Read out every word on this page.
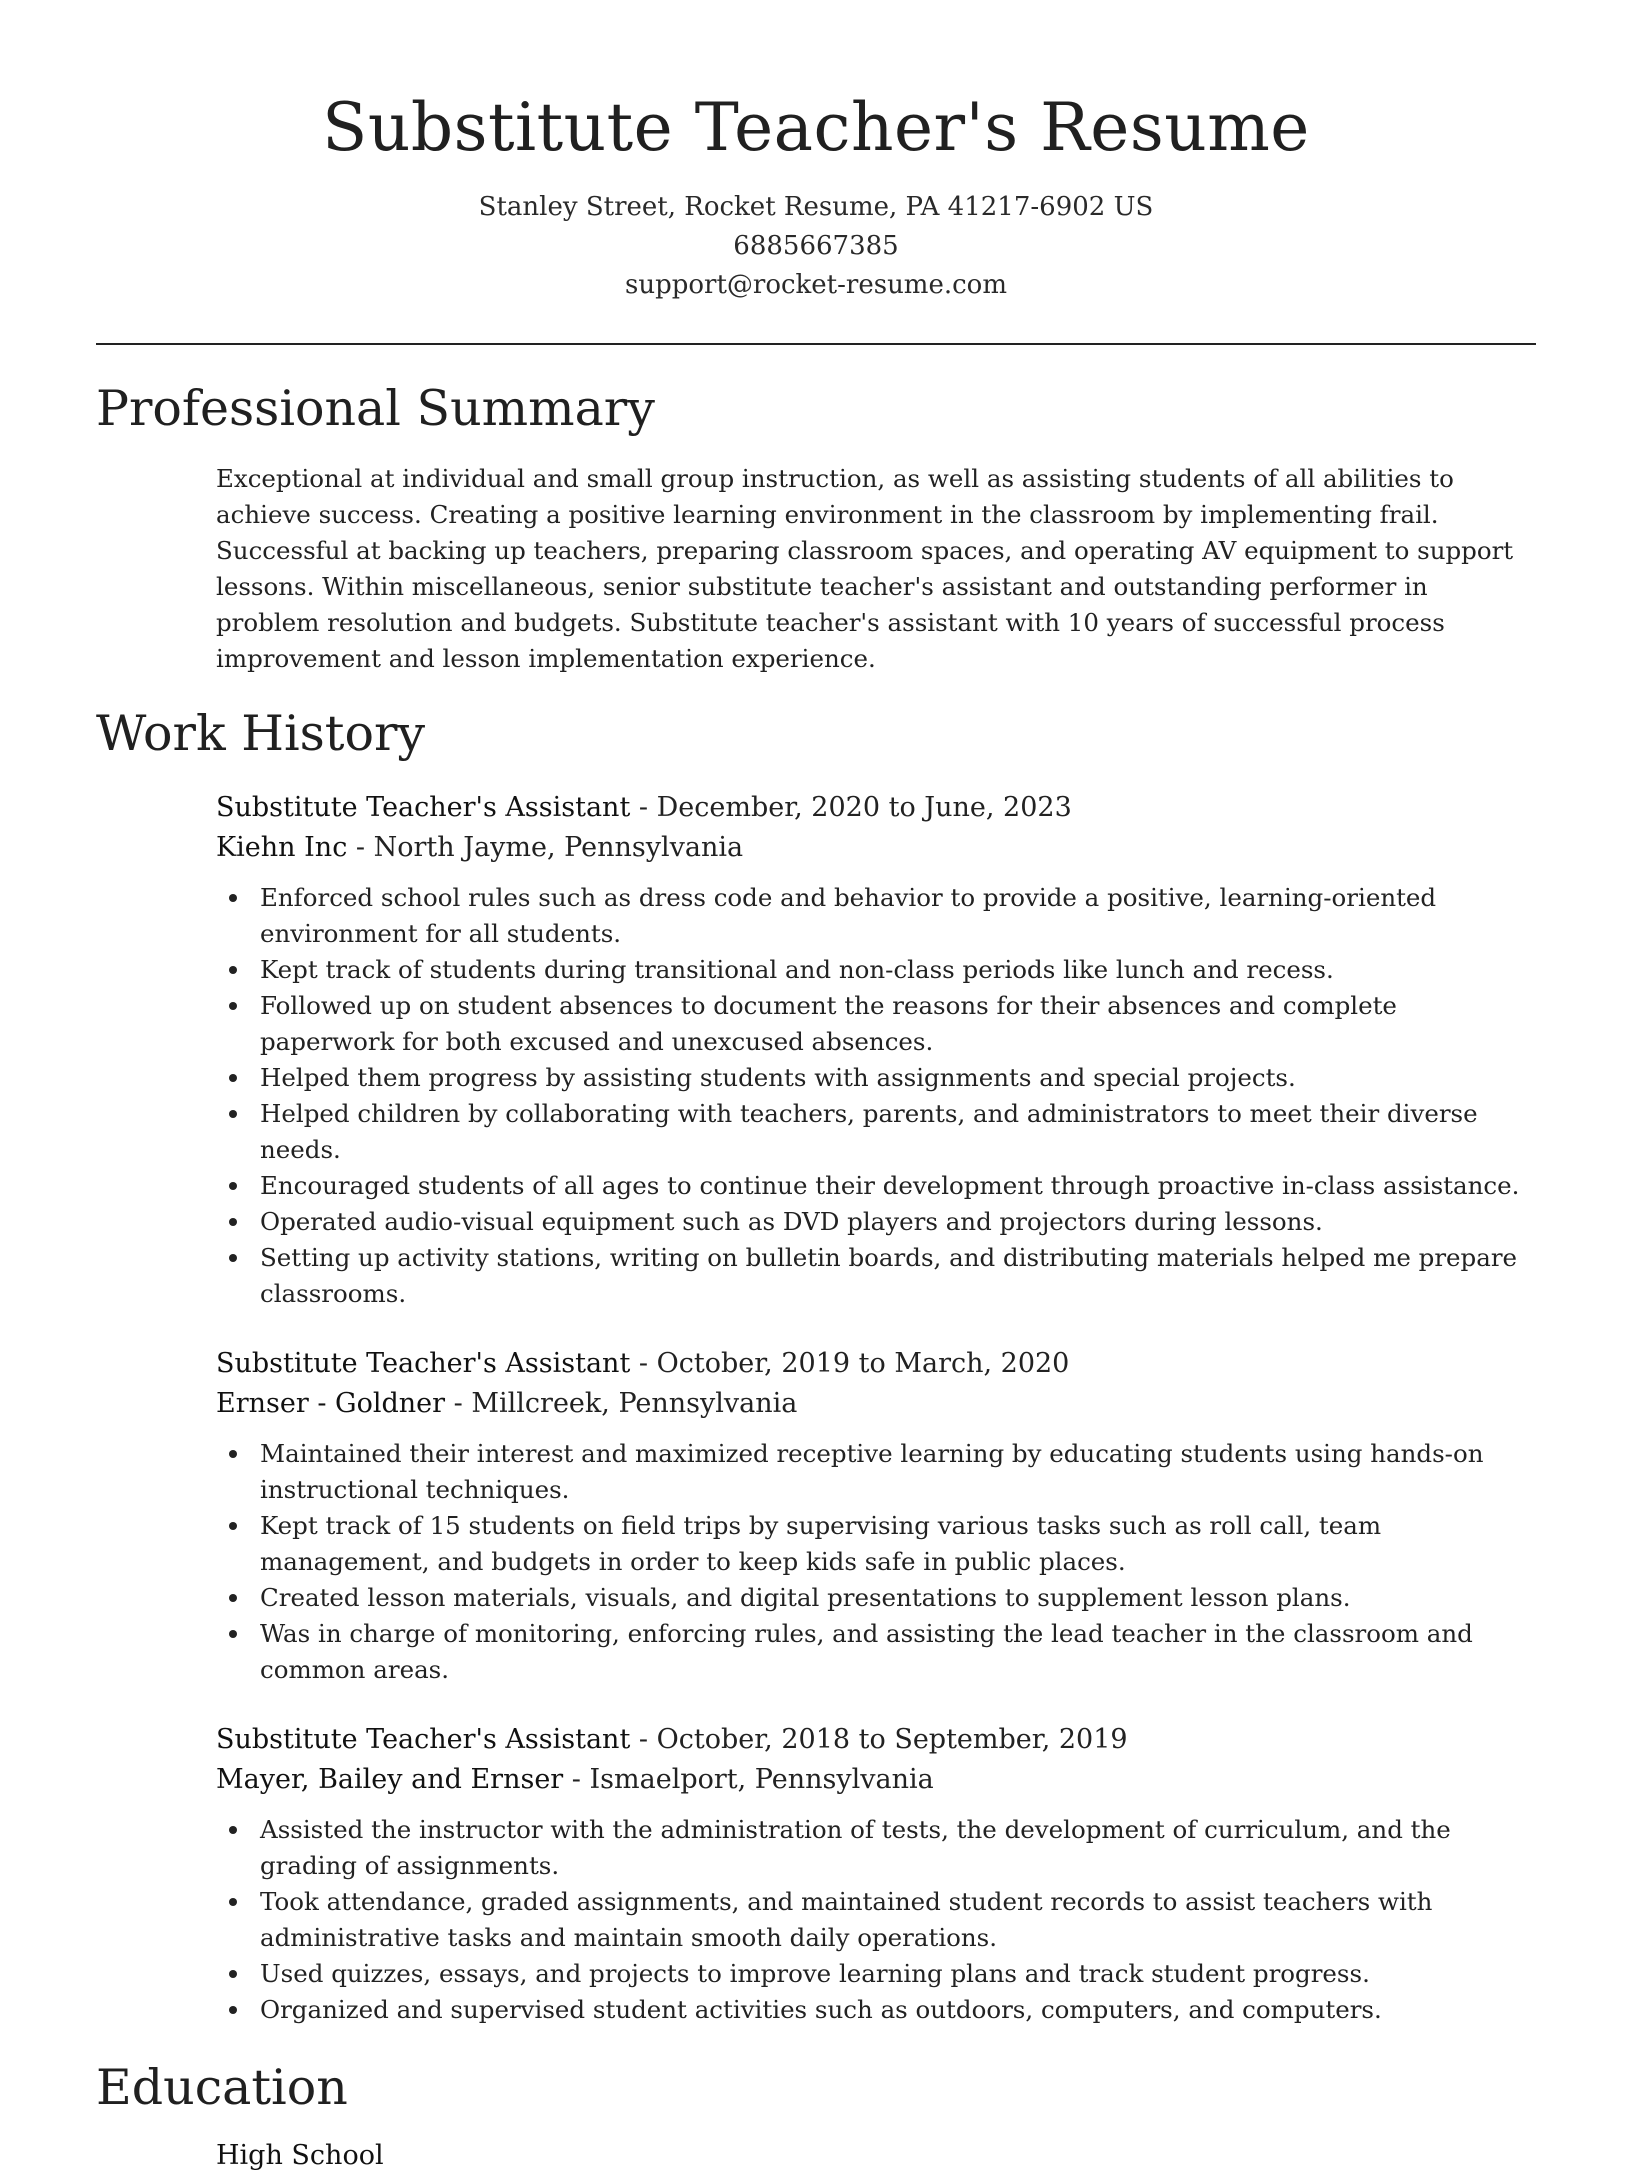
Substitute Teacher's Resume
Stanley Street, Rocket Resume, PA 41217-6902 US
6885667385
support@rocket-resume.com
Professional Summary

Exceptional at individual and small group instruction, as well as assisting students of all abilities to achieve success. Creating a positive learning environment in the classroom by implementing frail. Successful at backing up teachers, preparing classroom spaces, and operating AV equipment to support lessons. Within miscellaneous, senior substitute teacher's assistant and outstanding performer in problem resolution and budgets. Substitute teacher's assistant with 10 years of successful process improvement and lesson implementation experience.

Work History
Substitute Teacher's Assistant - December, 2020 to June, 2023
Kiehn Inc - North Jayme, Pennsylvania
Enforced school rules such as dress code and behavior to provide a positive, learning-oriented environment for all students.
Kept track of students during transitional and non-class periods like lunch and recess.
Followed up on student absences to document the reasons for their absences and complete paperwork for both excused and unexcused absences.
Helped them progress by assisting students with assignments and special projects.
Helped children by collaborating with teachers, parents, and administrators to meet their diverse needs.
Encouraged students of all ages to continue their development through proactive in-class assistance.
Operated audio-visual equipment such as DVD players and projectors during lessons.
Setting up activity stations, writing on bulletin boards, and distributing materials helped me prepare classrooms.
Substitute Teacher's Assistant - October, 2019 to March, 2020
Ernser - Goldner - Millcreek, Pennsylvania
Maintained their interest and maximized receptive learning by educating students using hands-on instructional techniques.
Kept track of 15 students on field trips by supervising various tasks such as roll call, team management, and budgets in order to keep kids safe in public places.
Created lesson materials, visuals, and digital presentations to supplement lesson plans.
Was in charge of monitoring, enforcing rules, and assisting the lead teacher in the classroom and common areas.
Substitute Teacher's Assistant - October, 2018 to September, 2019
Mayer, Bailey and Ernser - Ismaelport, Pennsylvania
Assisted the instructor with the administration of tests, the development of curriculum, and the grading of assignments.
Took attendance, graded assignments, and maintained student records to assist teachers with administrative tasks and maintain smooth daily operations.
Used quizzes, essays, and projects to improve learning plans and track student progress.
Organized and supervised student activities such as outdoors, computers, and computers.
Education
High School
